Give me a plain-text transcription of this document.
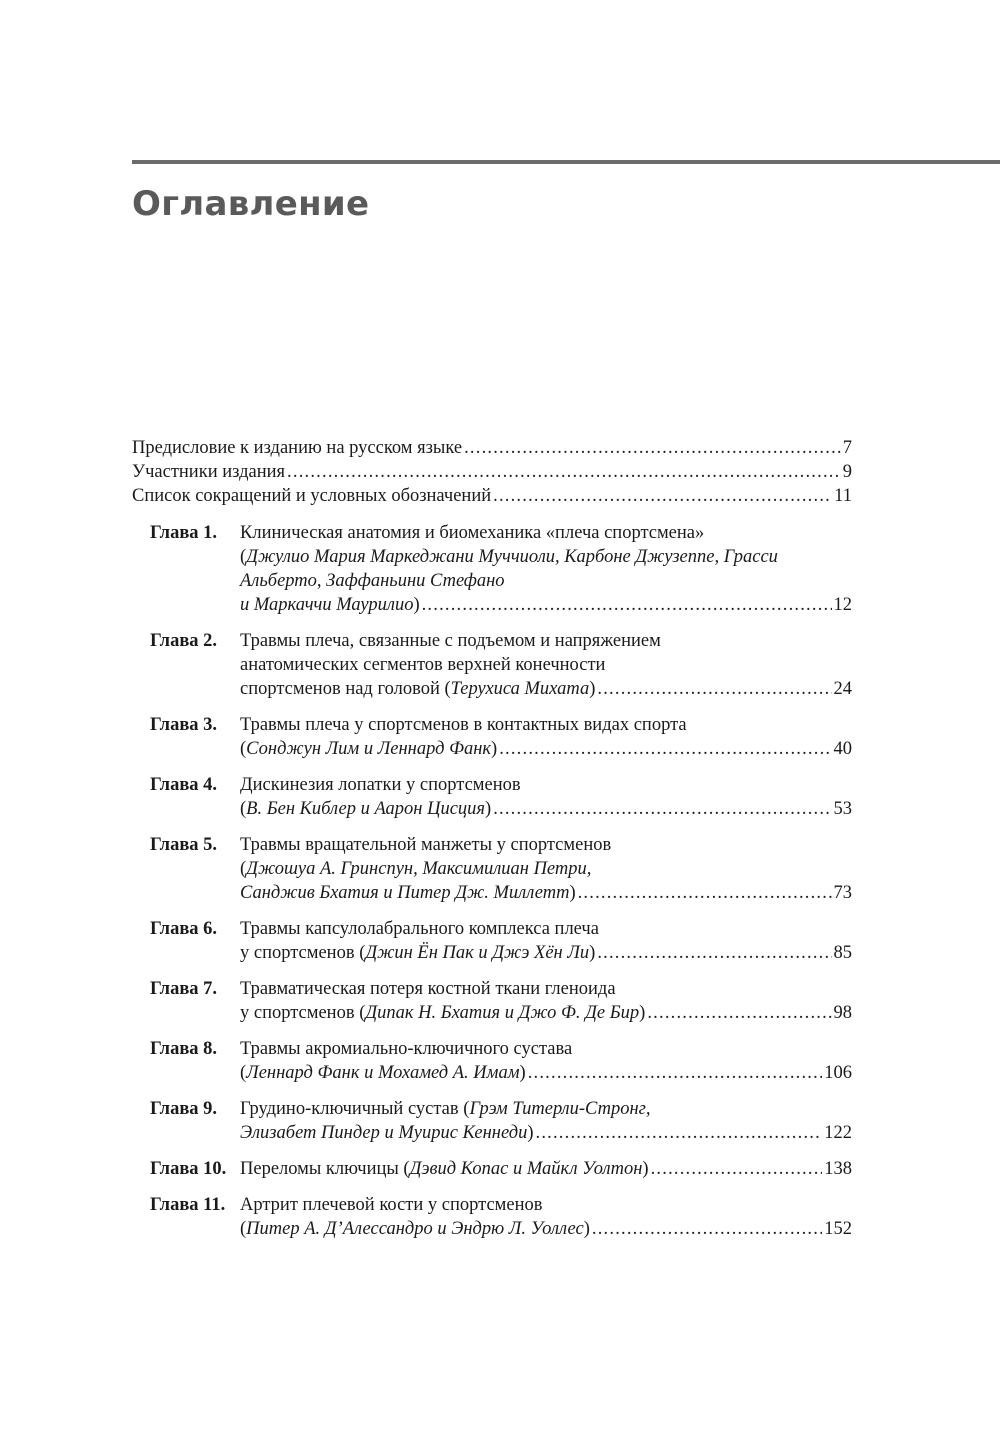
Оглавление
Предисловие к изданию на русском языке .....	7
Участники издания .....	9
Список сокращений и условных обозначений .....	11
Глава 1.	Клиническая анатомия и биомеханика «плеча спортсмена»
(Джулио Мария Маркеджани Муччиоли, Карбоне Джузеппе, Грасси
Альберто, Заффаньини Стефано
и Маркаччи Маурилио) .....	12
Глава 2.	Травмы плеча, связанные с подъемом и напряжением
анатомических сегментов верхней конечности
спортсменов над головой (Терухиса Михата) .....	24
Глава 3.	Травмы плеча у спортсменов в контактных видах спорта
(Сонджун Лим и Леннард Фанк) .....	40
Глава 4.	Дискинезия лопатки у спортсменов
(В. Бен Киблер и Аарон Цисция) .....	53
Глава 5.	Травмы вращательной манжеты у спортсменов
(Джошуа А. Гринспун, Максимилиан Петри,
Санджив Бхатия и Питер Дж. Миллетт) .....	73
Глава 6.	Травмы капсулолабрального комплекса плеча
у спортсменов (Джин Ён Пак и Джэ Хён Ли) .....	85
Глава 7.	Травматическая потеря костной ткани гленоида
у спортсменов (Дипак Н. Бхатия и Джо Ф. Де Бир) .....	98
Глава 8.	Травмы акромиально-ключичного сустава
(Леннард Фанк и Мохамед А. Имам) .....	106
Глава 9.	Грудино-ключичный сустав (Грэм Титерли-Стронг,
Элизабет Пиндер и Муирис Кеннеди) .....	122
Глава 10. Переломы ключицы (Дэвид Копас и Майкл Уолтон) .....	138
Глава 11. Артрит плечевой кости у спортсменов
(Питер А. Д’Алессандро и Эндрю Л. Уоллес) .....	152
